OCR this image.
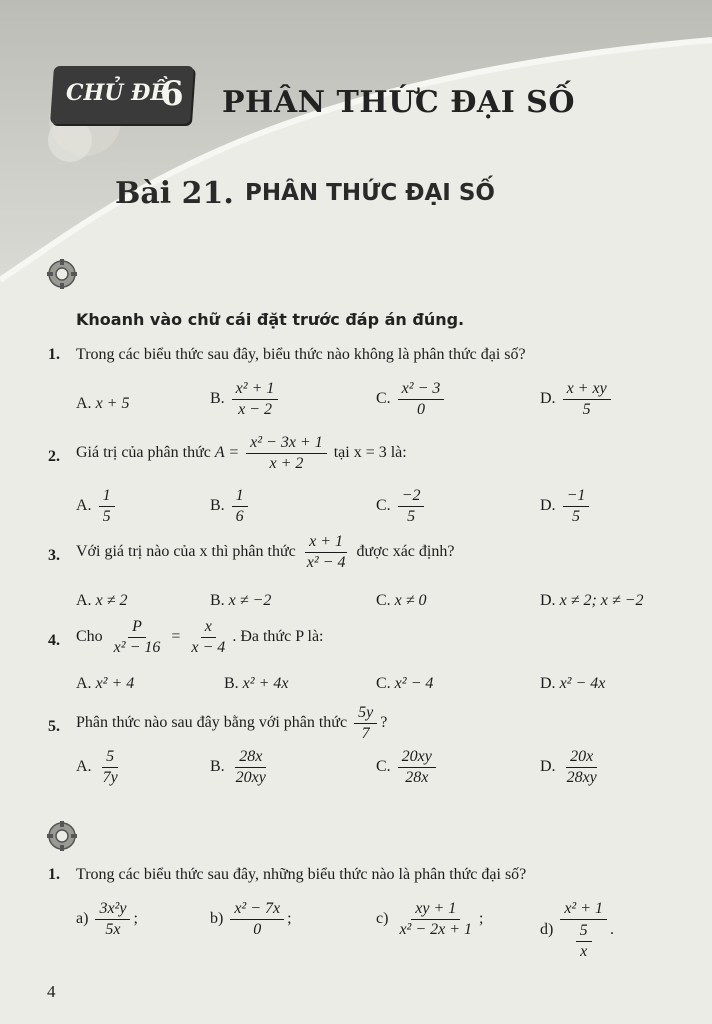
CHỦ ĐỀ
6 PHÂN THỨC ĐẠI SỐ
Bài 21. PHÂN THỨC ĐẠI SỐ
Khoanh vào chữ cái đặt trước đáp án đúng.
1. Trong các biểu thức sau đây, biểu thức nào không là phân thức đại số?
A. x + 5	B. $\frac{\text{x² + 1}}{x - 2}$	C. $\frac{\text{x² − 3}}{0}$	D. $\frac{x + xy}{5}$
2. Giá trị của phân thức $A = \frac{\text{x² − 3x + 1}}{x + 2}$ tại x = 3 là:
A. $\frac{1}{5}$	B. $\frac{1}{6}$	C. $\frac{-2}{5}$	D. $\frac{-1}{5}$
3. Với giá trị nào của x thì phân thức $\frac{x + 1}{\text{x² − 4}}$ được xác định?
A. x ≠ 2	B. x ≠ −2	C. x ≠ 0	D. x ≠ 2; x ≠ −2
4. Cho $\frac{P}{\text{x² − 16}} = \frac{x}{x - 4}$ . Đa thức P là:
A. x² + 4	B. x² + 4x	C. x² − 4	D. x² − 4x
5. Phân thức nào sau đây bằng với phân thức $\frac{5y}{7}$ ?
A. $\frac{5}{7y}$	B. $\frac{28x}{20xy}$	C. $\frac{20xy}{28x}$	D. $\frac{20x}{28xy}$
1. Trong các biểu thức sau đây, những biểu thức nào là phân thức đại số?
$a) \frac{\text{3x²y}}{5x}$ ;	$b) \frac{\text{x² − 7x}}{0}$ ;	$c) \frac{xy + 1}{\text{x² − 2x + 1}}$ ;
$d) \frac{\text{x² + 1}}{\frac{5}{x}}$ .
4
